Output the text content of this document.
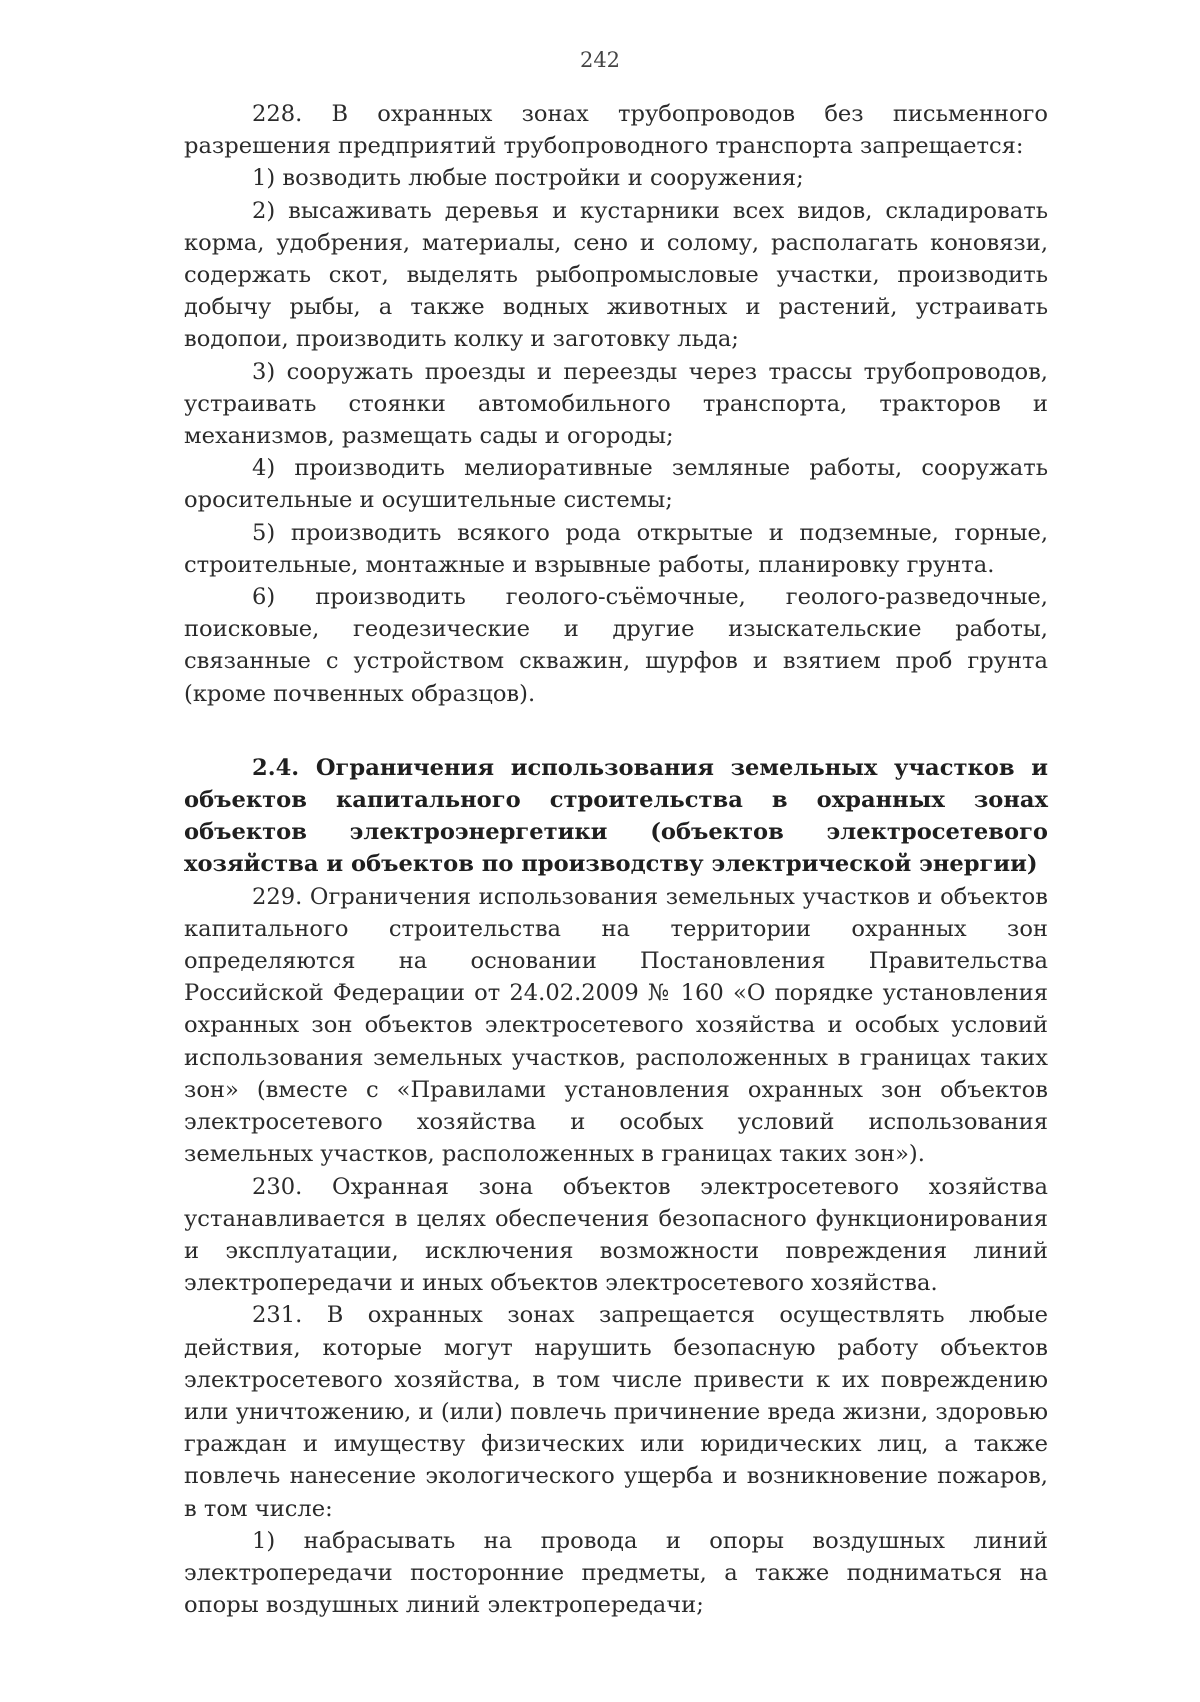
242

228. В охранных зонах трубопроводов без письменного разрешения предприятий трубопроводного транспорта запрещается:

1) возводить любые постройки и сооружения;

2) высаживать деревья и кустарники всех видов, складировать корма, удобрения, материалы, сено и солому, располагать коновязи, содержать скот, выделять рыбопромысловые участки, производить добычу рыбы, а также водных животных и растений, устраивать водопои, производить колку и заготовку льда;

3) сооружать проезды и переезды через трассы трубопроводов, устраивать стоянки автомобильного транспорта, тракторов и механизмов, размещать сады и огороды;

4) производить мелиоративные земляные работы, сооружать оросительные и осушительные системы;

5) производить всякого рода открытые и подземные, горные, строительные, монтажные и взрывные работы, планировку грунта.

6) производить геолого-съёмочные, геолого-разведочные, поисковые, геодезические и другие изыскательские работы, связанные с устройством скважин, шурфов и взятием проб грунта (кроме почвенных образцов).

2.4. Ограничения использования земельных участков и объектов капитального строительства в охранных зонах объектов электроэнергетики (объектов электросетевого хозяйства и объектов по производству электрической энергии)

229. Ограничения использования земельных участков и объектов капитального строительства на территории охранных зон определяются на основании Постановления Правительства Российской Федерации от 24.02.2009 № 160 «О порядке установления охранных зон объектов электросетевого хозяйства и особых условий использования земельных участков, расположенных в границах таких зон» (вместе с «Правилами установления охранных зон объектов электросетевого хозяйства и особых условий использования земельных участков, расположенных в границах таких зон»).

230. Охранная зона объектов электросетевого хозяйства устанавливается в целях обеспечения безопасного функционирования и эксплуатации, исключения возможности повреждения линий электропередачи и иных объектов электросетевого хозяйства.

231. В охранных зонах запрещается осуществлять любые действия, которые могут нарушить безопасную работу объектов электросетевого хозяйства, в том числе привести к их повреждению или уничтожению, и (или) повлечь причинение вреда жизни, здоровью граждан и имуществу физических или юридических лиц, а также повлечь нанесение экологического ущерба и возникновение пожаров, в том числе:

1) набрасывать на провода и опоры воздушных линий электропередачи посторонние предметы, а также подниматься на опоры воздушных линий электропередачи;
